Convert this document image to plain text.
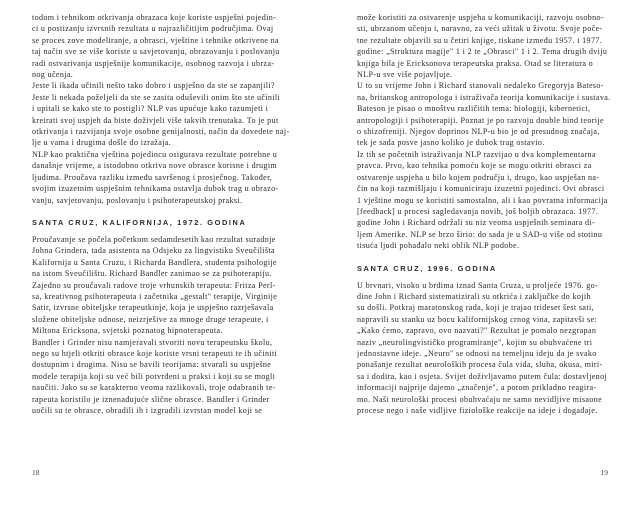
todom i tehnikom otkrivanja obrazaca koje koriste uspješni pojedin-
ci u postizanju izvrsnih rezultata u najrazličitijim područjima. Ovaj
se proces zove modeliranje, a obrasci, vještine i tehnike otkrivene na
taj način sve se više koriste u savjetovanju, obrazovanju i poslovanju
radi ostvarivanja uspješnije komunikacije, osobnog razvoja i ubrza-
nog učenja.
Jeste li ikada učinili nešto tako dobro i uspješno da ste se zapanjili?
Jeste li nekada poželjeli da ste se zasita oduševili onim što ste učinili
i upitali se kako ste to postigli? NLP vas upućuje kako razumjeti i
kreirati svoj uspjeh da biste doživjeli više takvih trenutaka. To je put
otkrivanja i razvijanja svoje osobne genijalnosti, način da dovedete naj-
lje u vama i drugima došle do izražaja.
NLP kao praktična vještina pojedincu osigurava rezultate potrebne u
današnje vrijeme, a istodobno otkriva nove obrasce korisne i drugim
ljudima. Proučava razliku između savršenog i prosječnog. Također,
svojim izuzetnim uspješnim tehnikama ostavlja dubok trag u obrazo-
vanju, savjetovanju, poslovanju i psihoterapeutskoj praksi.
SANTA CRUZ, KALIFORNIJA, 1972. GODINA
Proučavanje se počela početkom sedamdesetih kao rezultat suradnje
Johna Grindera, tada asistenta na Odsjeku za lingvistiku Sveučilišta
Kalifornija u Santa Cruzu, i Richarda Bandlera, studenta psihologije
na istom Sveučilištu. Richard Bandler zanimao se za psihoterapiju.
Zajedno su proučavali radove troje vrhunskih terapeuta: Fritza Perl-
sa, kreativnog psihoterapeuta i začetnika „gestalt" terapije, Virginije
Satir, izvrsne obiteljske terapeutkinje, koja je uspješno razrješavala
složene obiteljske odnose, neizrješive za mnoge druge terapeute, i
Miltona Ericksona, svjetski poznatog hipnoterapeuta.
Bandler i Grinder nisu namjeravali stvoriti novu terapeutsku školu,
nego su htjeli otkriti obrasce koje koriste vrsni terapeuti te ih učiniti
dostupnim i drugima. Nisu se bavili teorijama: stvarali su uspješne
modele terapija koji su već bili potvrđeni u praksi i koji su se mogli
naučiti. Jako su se karakterno veoma razlikovali, troje odabranih te-
rapeuta koristilo je iznenađujuće slične obrasce. Bandler i Grinder
uočili su te obrasce, obradili ih i izgradili izvrstan model koji se
18
može koristiti za ostvarenje uspjeha u komunikaciji, razvoju osobno-
sti, ubrzanom učenju i, naravno, za veći užitak u životu. Svoje poče-
tne rezultate objavili su u četiri knjige, tiskane između 1957. i 1977.
godine: „Struktura magije" 1 i 2 te „Obrasci" 1 i 2. Tema drugih dviju
knjiga bila je Ericksonova terapeutska praksa. Otad se literatura o
NLP-u sve više pojavljuje.
U to su vrijeme John i Richard stanovali nedaleko Gregoryja Bateso-
na, britanskog antropologa i istraživača teorija komunikacije i sustava.
Bateson je pisao o mnoštvu različitih tema: biologiji, kibernetici,
antropologiji i psihoterapiji. Poznat je po razvoju double bind teorije
o shizofreniji. Njegov doprinos NLP-u bio je od presudnog značaja,
tek je sada posve jasno koliko je dubok trag ostavio.
Iz tih se početnih istraživanja NLP razvijao u dva komplementarna
pravca. Prvo, kao tehnika pomoću koje se mogu otkriti obrasci za
ostvarenje uspjeha u bilo kojem području i, drugo, kao uspješan na-
čin na koji razmišljaju i komuniciraju izuzetni pojedinci. Ovi obrasci
1 vještine mogu se koristiti samostalno, ali i kao povratna informacija
[feedback] u procesi sagledavanja novih, još boljih obrazaca. 1977.
godine John i Richard održali su niz veoma uspješnih seminara di-
ljem Amerike. NLP se brzo širio: do sada je u SAD-u više od stotinu
tisuća ljudi pohađalo neki oblik NLP podobe.
SANTA CRUZ, 1996. GODINA
U brvnari, visoko u brdima iznad Santa Cruza, u proljeće 1976. go-
dine John i Richard sistematizirali su otkrića i zaključke do kojih
su došli. Potkraj maratonskog rada, koji je trajao trideset šest sati,
napravili su stanku uz bocu kalifornijskog crnog vina, zapitavši se:
„Kako ćemo, zapravo, ovo nazvati?" Rezultat je pomalo nezgrapan
naziv „neurolingvističko programiranje", kojim su obuhvaćene tri
jednostavne ideje. „Neuro" se odnosi na temeljnu ideju da je svako
ponašanje rezultat neuroloških procesa čula vida, sluha, okusa, miri-
sa i dodira, kao i osjeta. Svijet doživljavamo putem čula: dostavljenoj
informaciji najprije dajemo „značenje", a potom prikladno reagira-
mo. Naši neurološki procesi obuhvaćaju ne samo nevidljive misaone
procese nego i naše vidljive fiziološke reakcije na ideje i događaje.
19
